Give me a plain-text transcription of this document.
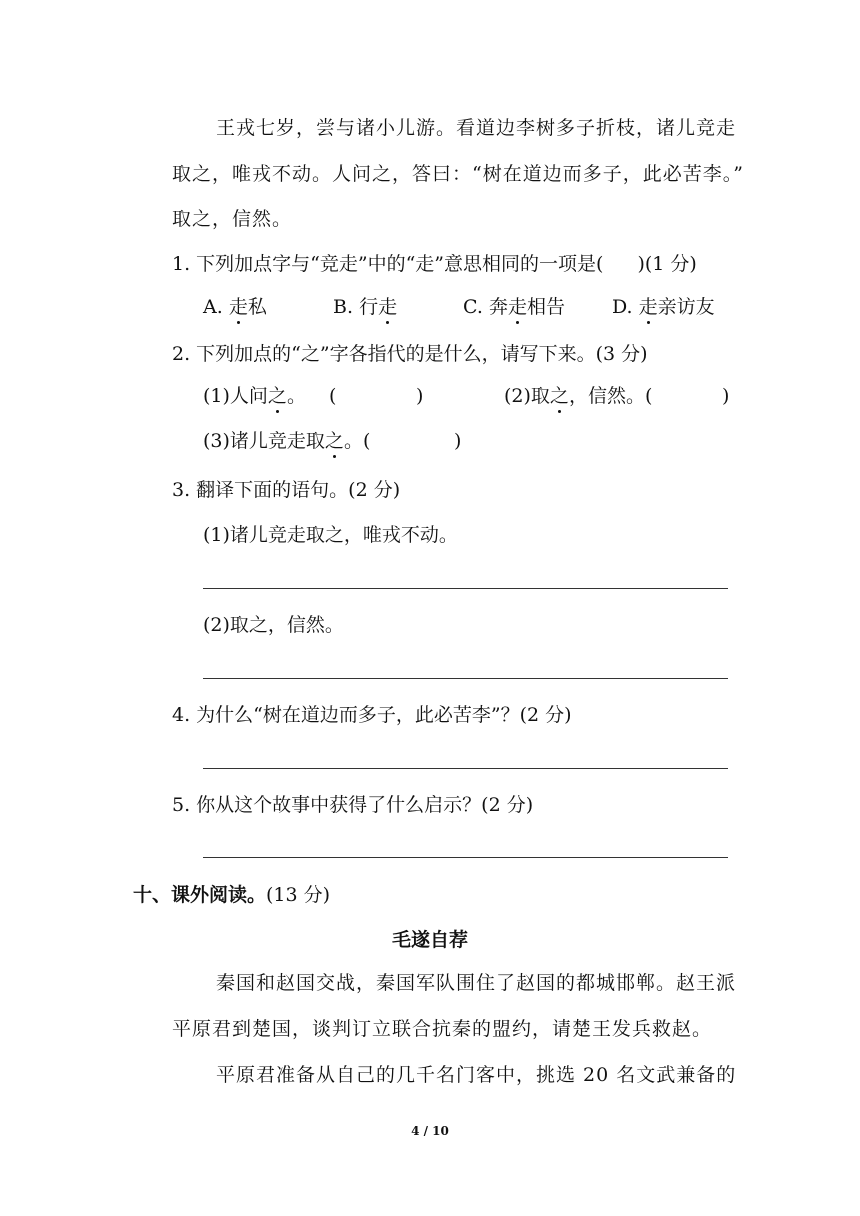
王戎七岁，尝与诸小儿游。看道边李树多子折枝，诸儿竞走
取之，唯戎不动。人问之，答曰：“树在道边而多子，此必苦李。”
取之，信然。
1. 下列加点字与“竞走”中的“走”意思相同的一项是( )(1 分)
A. 走私	B. 行走	C. 奔走相告 D. 走亲访友
2. 下列加点的“之”字各指代的是什么，请写下来。(3 分)
(1)人问之。 (	)	(2)取之，信然。(	)
(3)诸儿竞走取之。(	)
3. 翻译下面的语句。(2 分)
(1)诸儿竞走取之，唯戎不动。
(2)取之，信然。
4. 为什么“树在道边而多子，此必苦李”？(2 分)
5. 你从这个故事中获得了什么启示？(2 分)
十、课外阅读。(13 分)
毛遂自荐
秦国和赵国交战，秦国军队围住了赵国的都城邯郸。赵王派
平原君到楚国，谈判订立联合抗秦的盟约，请楚王发兵救赵。
平原君准备从自己的几千名门客中，挑选 20 名文武兼备的
4 / 10
